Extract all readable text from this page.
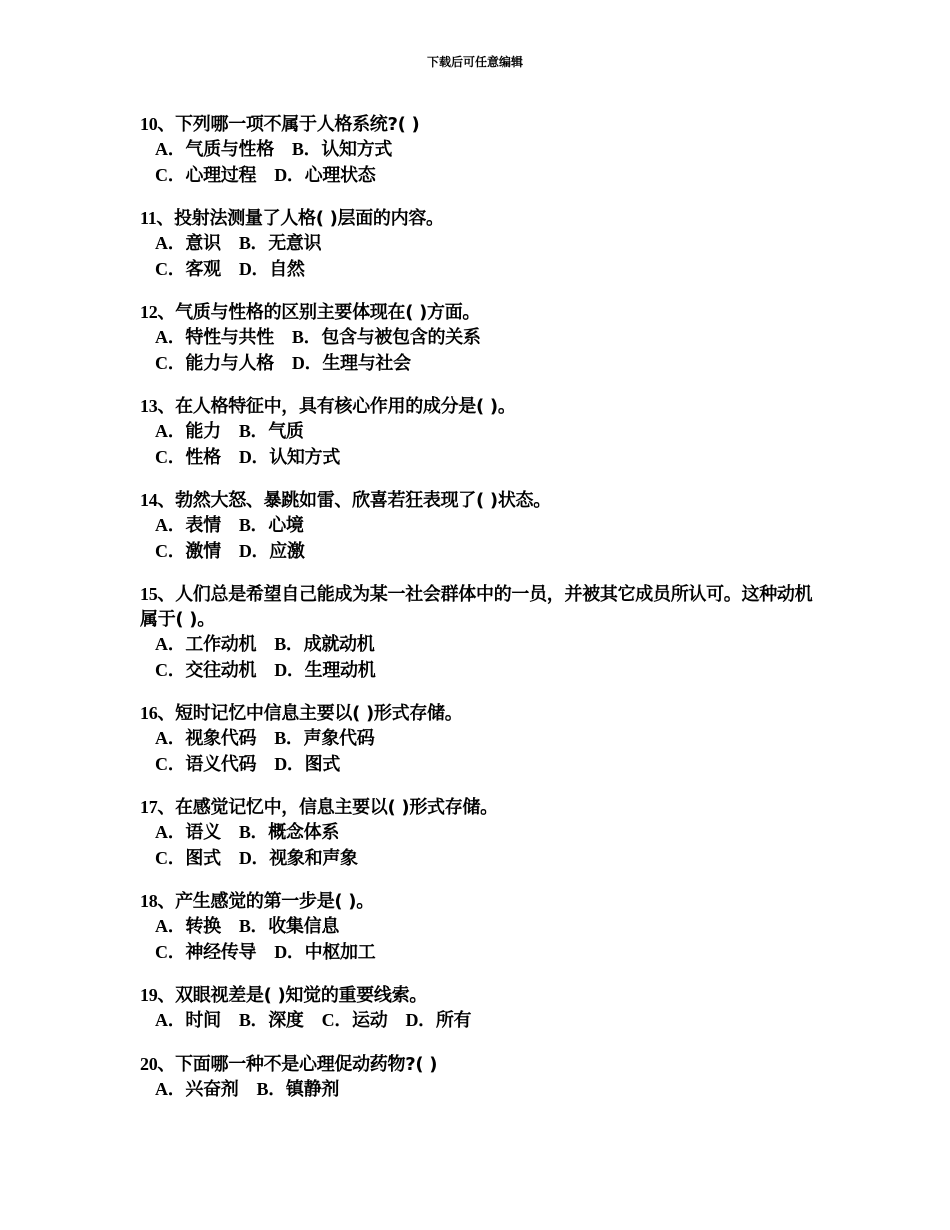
下载后可任意编辑
10、下列哪一项不属于人格系统?( )
A．气质与性格 B．认知方式
C．心理过程 D．心理状态
11、投射法测量了人格( )层面的内容。
A．意识 B．无意识
C．客观 D．自然
12、气质与性格的区别主要体现在( )方面。
A．特性与共性 B．包含与被包含的关系
C．能力与人格 D．生理与社会
13、在人格特征中，具有核心作用的成分是( )。
A．能力 B．气质
C．性格 D．认知方式
14、勃然大怒、暴跳如雷、欣喜若狂表现了( )状态。
A．表情 B．心境
C．激情 D．应激
15、人们总是希望自己能成为某一社会群体中的一员，并被其它成员所认可。这种动机属于( )。
A．工作动机 B．成就动机
C．交往动机 D．生理动机
16、短时记忆中信息主要以( )形式存储。
A．视象代码 B．声象代码
C．语义代码 D．图式
17、在感觉记忆中，信息主要以( )形式存储。
A．语义 B．概念体系
C．图式 D．视象和声象
18、产生感觉的第一步是( )。
A．转换 B．收集信息
C．神经传导 D．中枢加工
19、双眼视差是( )知觉的重要线索。
A．时间 B．深度 C．运动 D．所有
20、下面哪一种不是心理促动药物?( )
A．兴奋剂 B．镇静剂
